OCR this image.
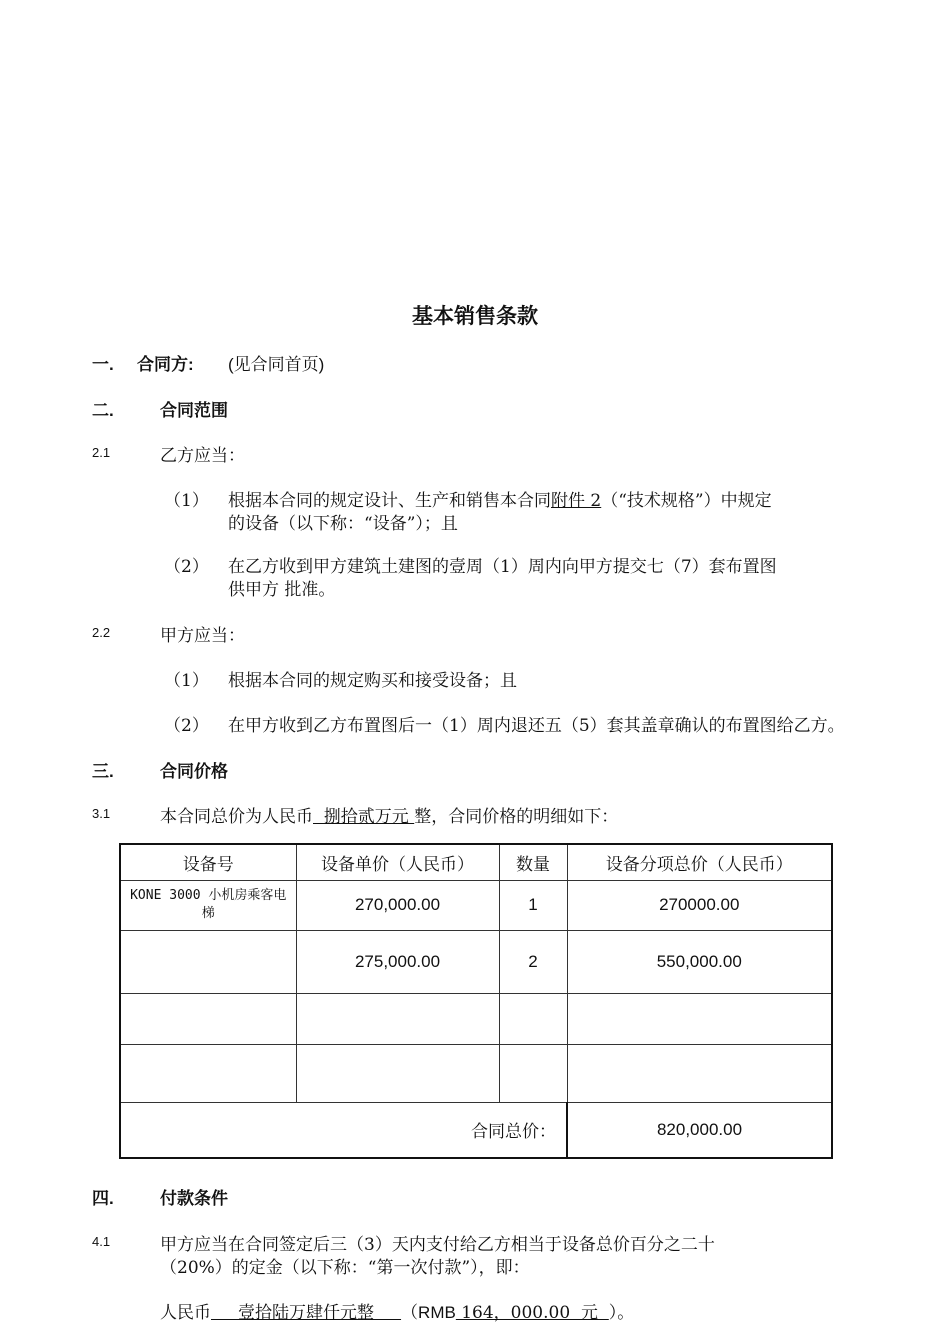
基本销售条款
一. 合同方: (见合同首页)
二.	合同范围
2.1	乙方应当：
（1） 根据本合同的规定设计、生产和销售本合同附件 2（“技术规格”）中规定
的设备（以下称：“设备”）；且
（2） 在乙方收到甲方建筑土建图的壹周（1）周内向甲方提交七（7）套布置图
供甲方 批准。
2.2	甲方应当：
（1） 根据本合同的规定购买和接受设备；且
（2） 在甲方收到乙方布置图后一（1）周内退还五（5）套其盖章确认的布置图给乙方。
三.	合同价格
3.1	本合同总价为人民币  捌拾贰万元 整，合同价格的明细如下：
设备号	设备单价（人民币）	数量	设备分项总价（人民币）
KONE 3000 小机房乘客电梯	270,000.00	1	270000.00
	275,000.00	2	550,000.00

合同总价：			820,000.00
四.	付款条件
4.1	甲方应当在合同签定后三（3）天内支付给乙方相当于设备总价百分之二十
（20%）的定金（以下称：“第一次付款”），即：
人民币     壹拾陆万肆仟元整     （RMB 164，000.00  元  ）。
